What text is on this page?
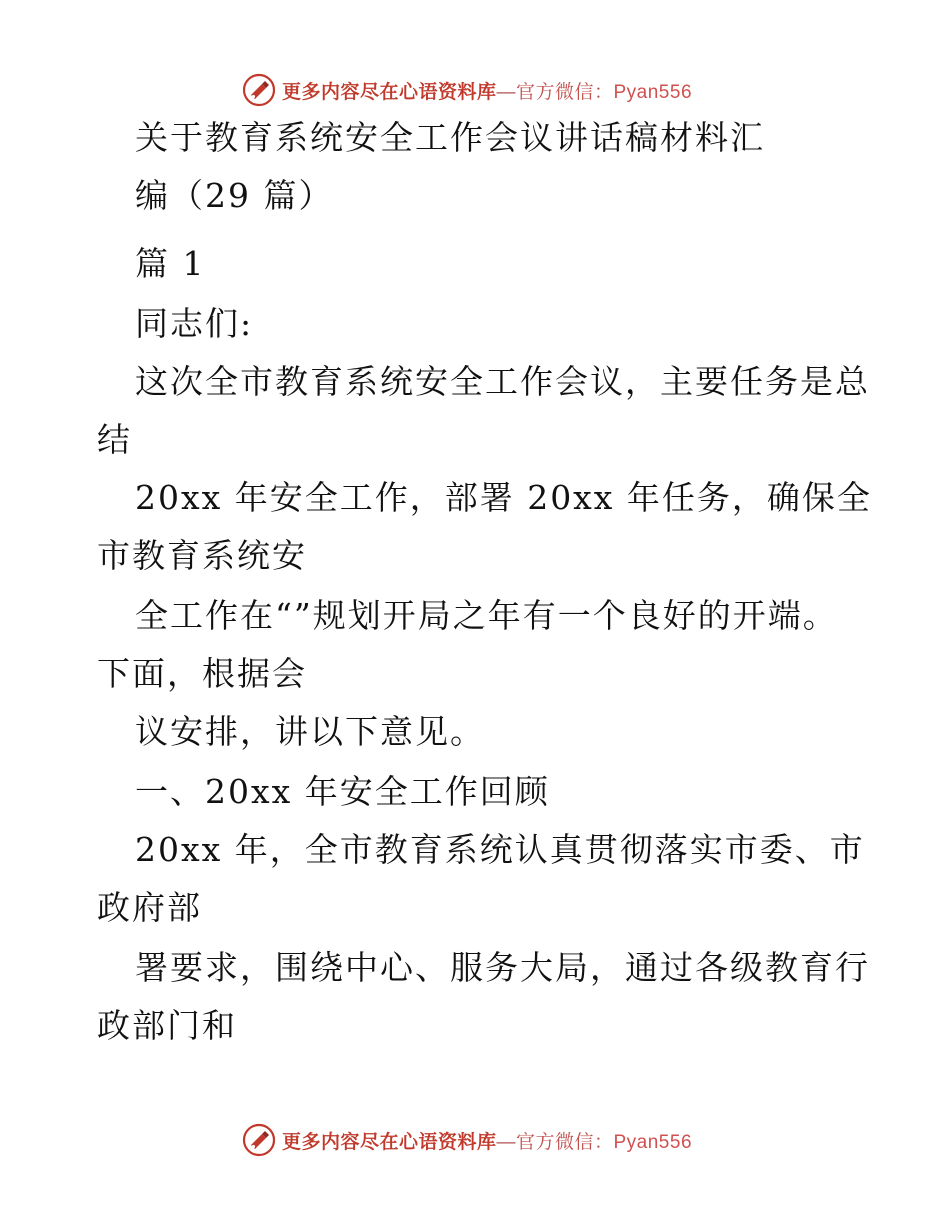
更多内容尽在心语资料库—官方微信：Pyan556
关于教育系统安全工作会议讲话稿材料汇
编（29 篇）
篇 1
同志们:
这次全市教育系统安全工作会议，主要任务是总
结
20xx 年安全工作，部署 20xx 年任务，确保全
市教育系统安
全工作在“”规划开局之年有一个良好的开端。
下面，根据会
议安排，讲以下意见。
一、20xx 年安全工作回顾
20xx 年，全市教育系统认真贯彻落实市委、市
政府部
署要求，围绕中心、服务大局，通过各级教育行
政部门和
更多内容尽在心语资料库—官方微信：Pyan556
